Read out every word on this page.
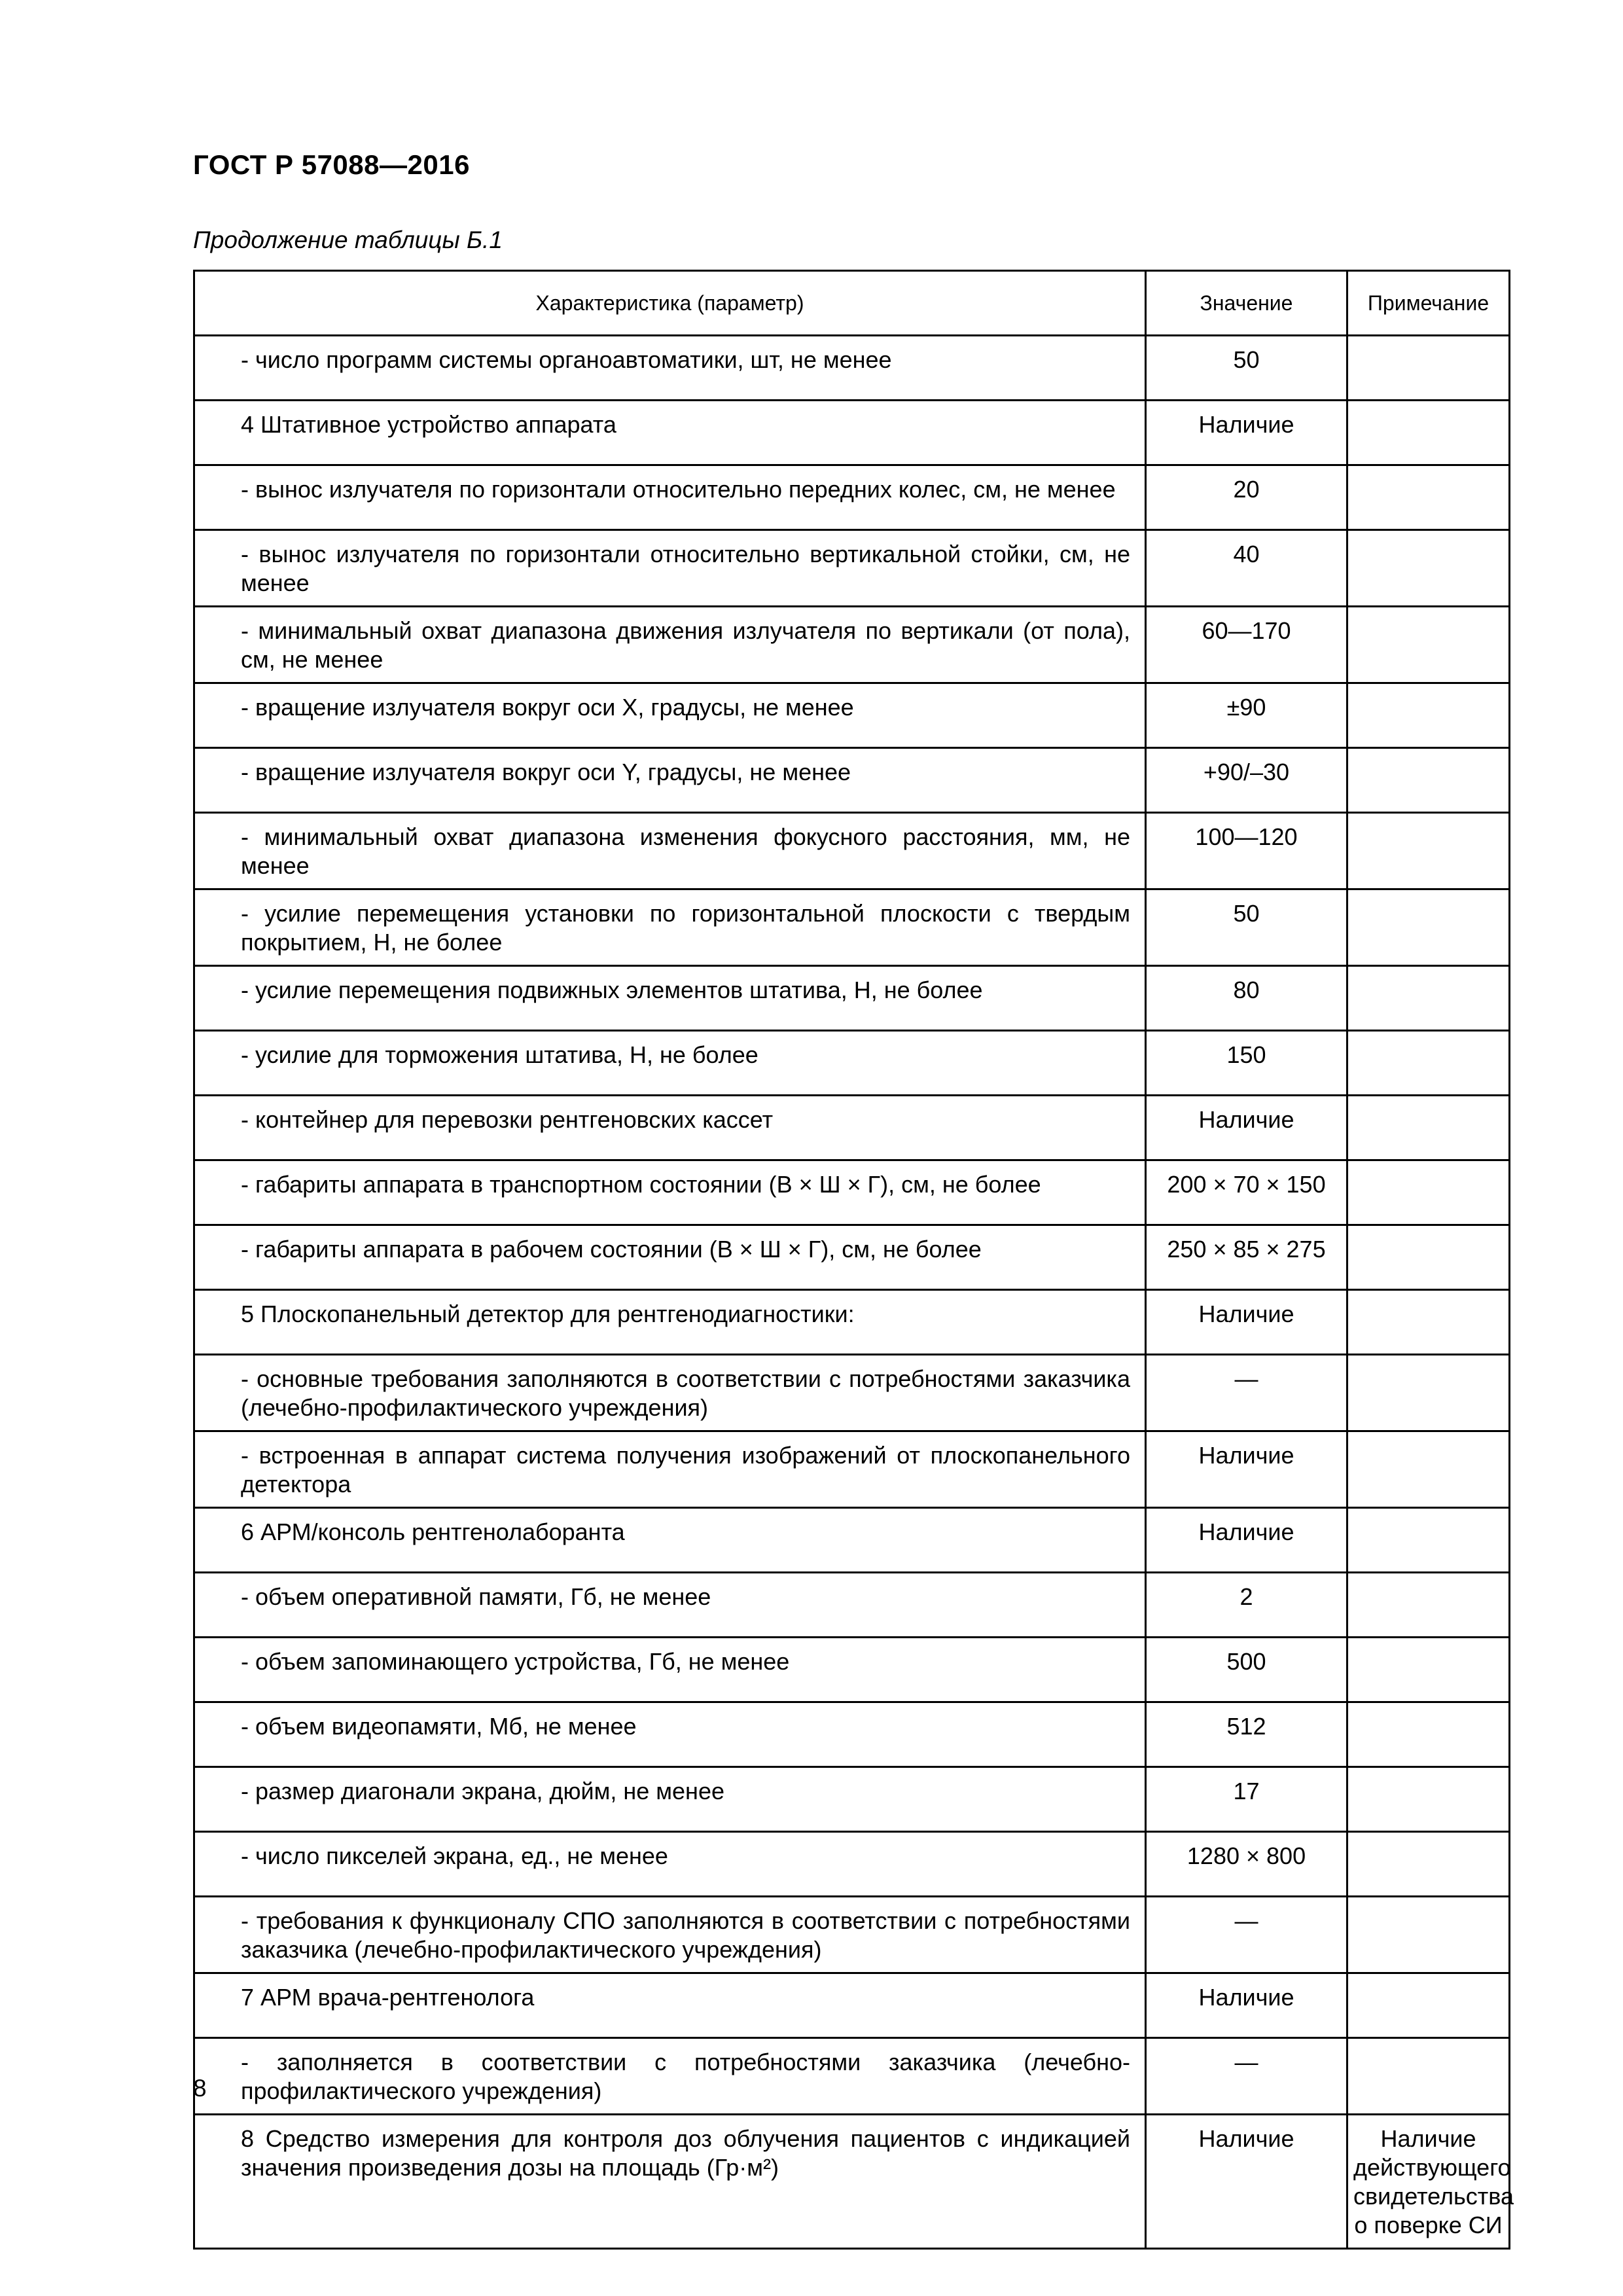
ГОСТ Р 57088—2016
Продолжение таблицы Б.1
Характеристика (параметр)	Значение	Примечание
- число программ системы органоавтоматики, шт, не менее	50	
4 Штативное устройство аппарата	Наличие	
- вынос излучателя по горизонтали относительно передних колес, см, не менее	20	
- вынос излучателя по горизонтали относительно вертикальной стойки, см, не менее	40	
- минимальный охват диапазона движения излучателя по вертикали (от пола), см, не менее	60—170	
- вращение излучателя вокруг оси X, градусы, не менее	±90	
- вращение излучателя вокруг оси Y, градусы, не менее	+90/–30	
- минимальный охват диапазона изменения фокусного расстояния, мм, не менее	100—120	
- усилие перемещения установки по горизонтальной плоскости с твердым покрытием, Н, не более	50	
- усилие перемещения подвижных элементов штатива, Н, не более	80	
- усилие для торможения штатива, Н, не более	150	
- контейнер для перевозки рентгеновских кассет	Наличие	
- габариты аппарата в транспортном состоянии (В × Ш × Г), см, не более	200 × 70 × 150	
- габариты аппарата в рабочем состоянии (В × Ш × Г), см, не более	250 × 85 × 275	
5 Плоскопанельный детектор для рентгенодиагностики:	Наличие	
- основные требования заполняются в соответствии с потребностями заказчика (лечебно-профилактического учреждения)	—	
- встроенная в аппарат система получения изображений от плоскопанельного детектора	Наличие	
6 АРМ/консоль рентгенолаборанта	Наличие	
- объем оперативной памяти, Гб, не менее	2	
- объем запоминающего устройства, Гб, не менее	500	
- объем видеопамяти, Мб, не менее	512	
- размер диагонали экрана, дюйм, не менее	17	
- число пикселей экрана, ед., не менее	1280 × 800	
- требования к функционалу СПО заполняются в соответствии с потребностями заказчика (лечебно-профилактического учреждения)	—	
7 АРМ врача-рентгенолога	Наличие	
- заполняется в соответствии с потребностями заказчика (лечебно-профилактического учреждения)	—	
8 Средство измерения для контроля доз облучения пациентов с индикацией значения произведения дозы на площадь (Гр·м²)	Наличие	Наличие действующего свидетельства о поверке СИ
8
